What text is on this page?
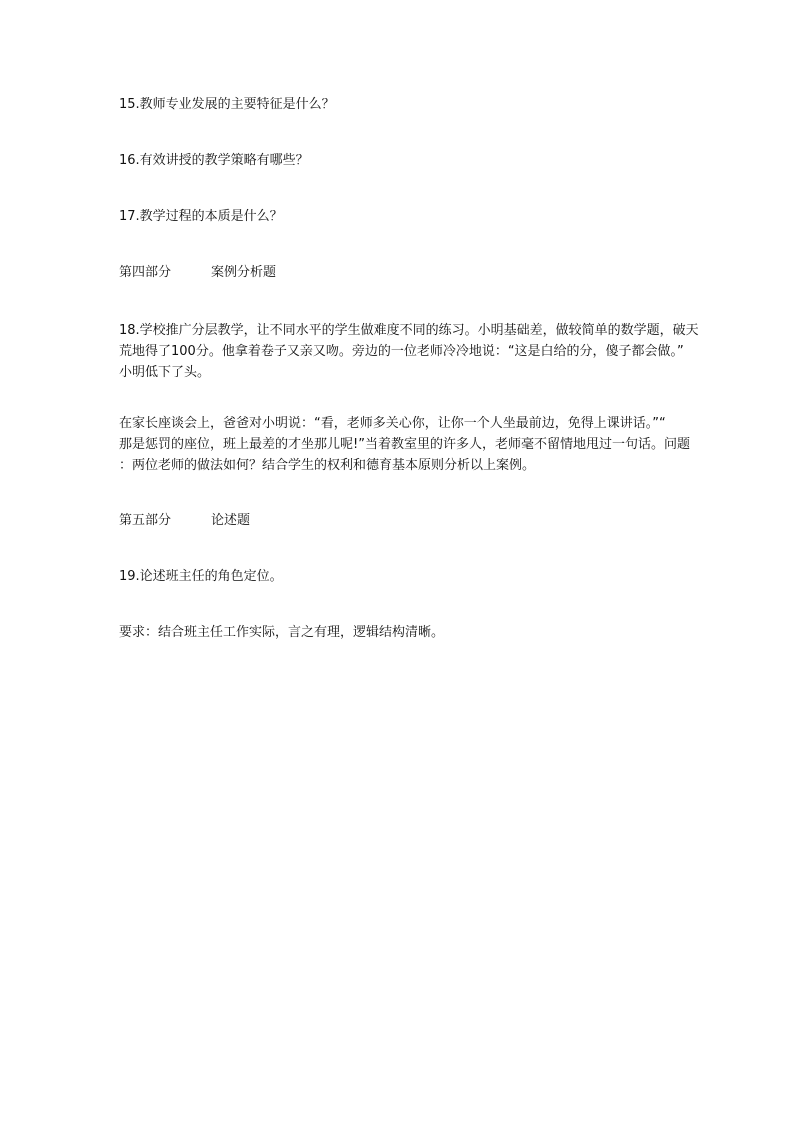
15.教师专业发展的主要特征是什么？
16.有效讲授的教学策略有哪些？
17.教学过程的本质是什么？
第四部分	案例分析题
18.学校推广分层教学，让不同水平的学生做难度不同的练习。小明基础差，做较简单的数学题，破天
荒地得了100分。他拿着卷子又亲又吻。旁边的一位老师冷冷地说：“这是白给的分，傻子都会做。”
小明低下了头。
在家长座谈会上，爸爸对小明说：“看，老师多关心你，让你一个人坐最前边，免得上课讲话。”“
那是惩罚的座位，班上最差的才坐那儿呢!”当着教室里的许多人，老师毫不留情地甩过一句话。问题
：两位老师的做法如何？结合学生的权利和德育基本原则分析以上案例。
第五部分	论述题
19.论述班主任的角色定位。
要求：结合班主任工作实际，言之有理，逻辑结构清晰。
